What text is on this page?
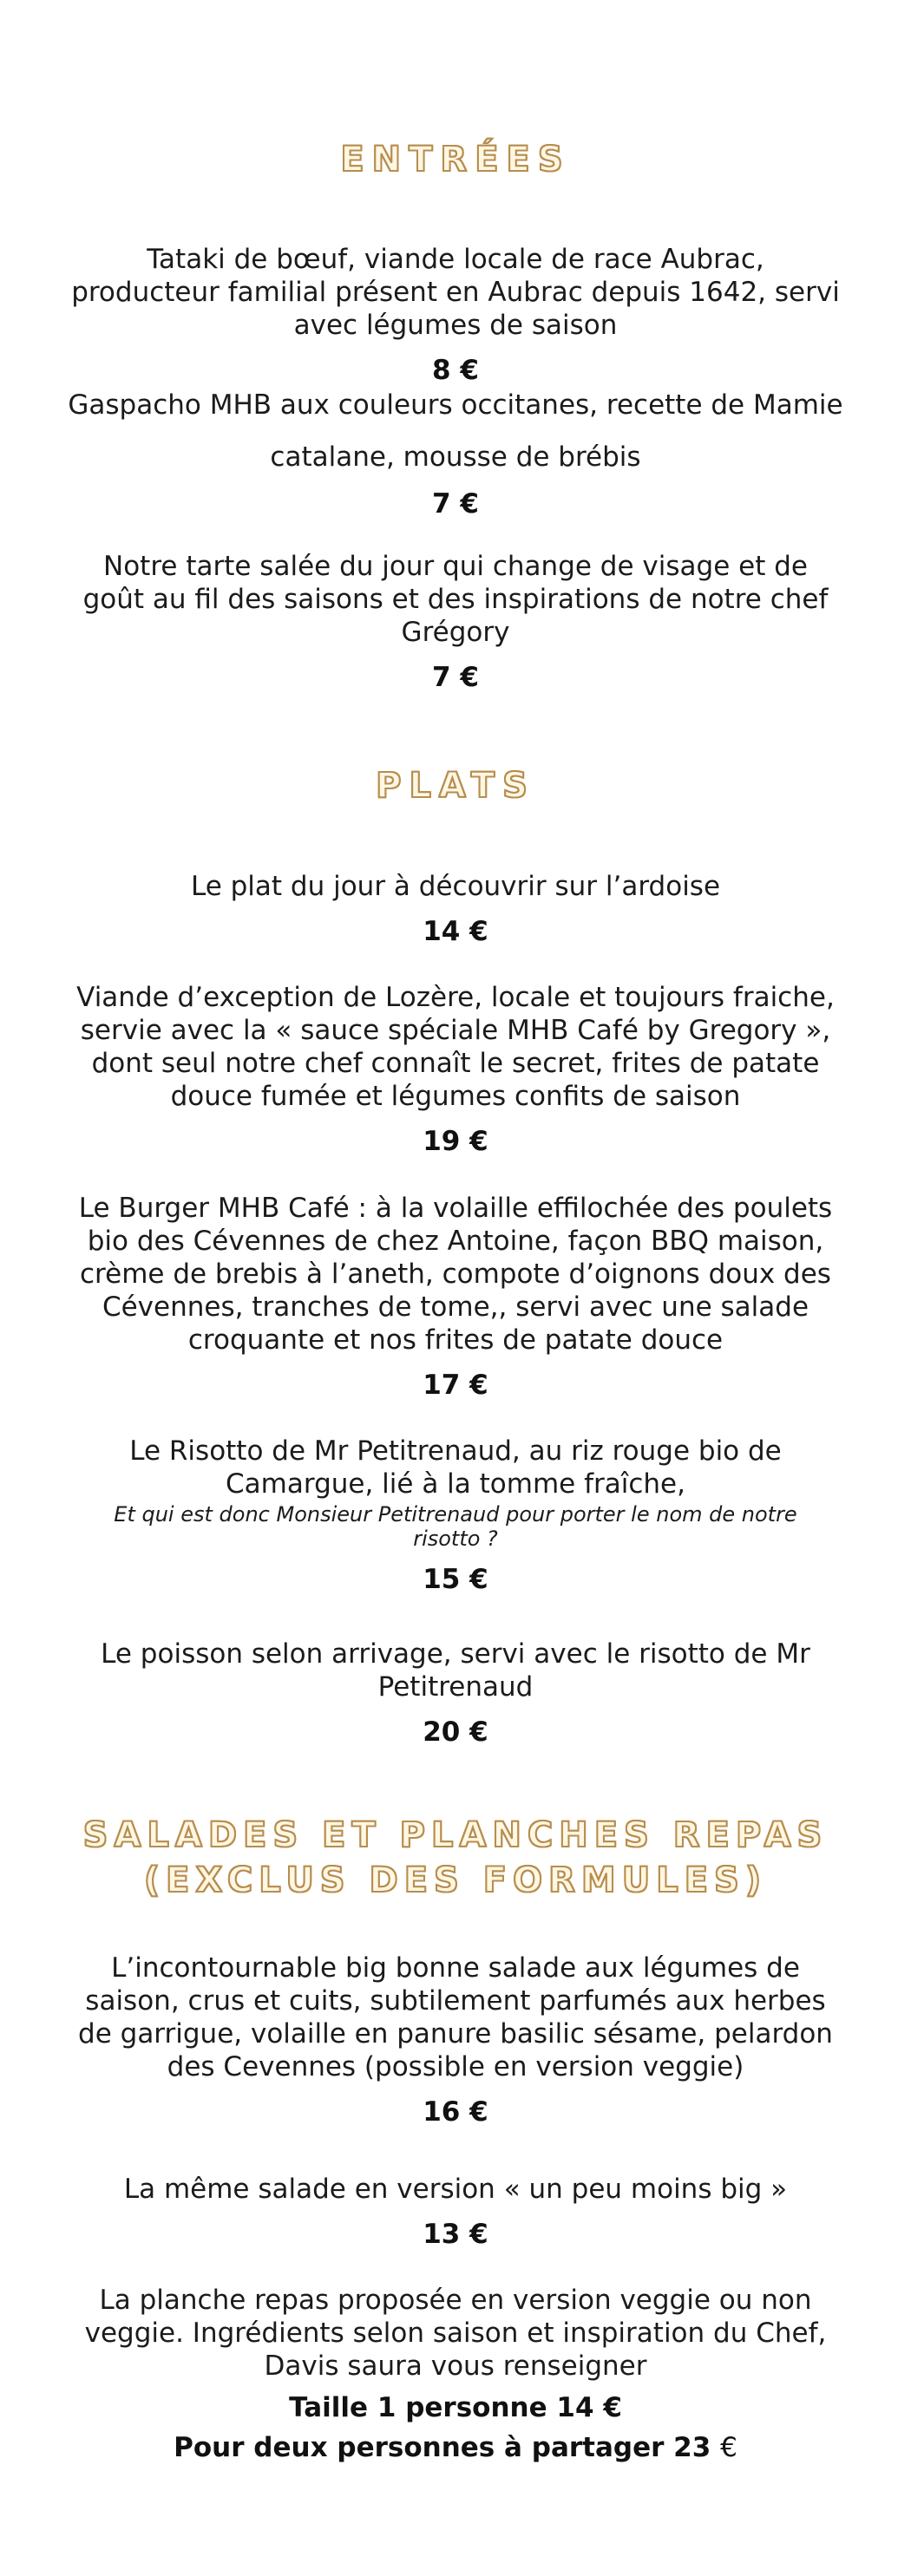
ENTRÉES

Tataki de bœuf, viande locale de race Aubrac, producteur familial présent en Aubrac depuis 1642, servi avec légumes de saison

8 €

Gaspacho MHB aux couleurs occitanes, recette de Mamie

catalane, mousse de brébis

7 €

Notre tarte salée du jour qui change de visage et de goût au fil des saisons et des inspirations de notre chef Grégory

7 €

PLATS

Le plat du jour à découvrir sur l’ardoise

14 €

Viande d’exception de Lozère, locale et toujours fraiche, servie avec la « sauce spéciale MHB Café by Gregory », dont seul notre chef connaît le secret, frites de patate douce fumée et légumes confits de saison

19 €

Le Burger MHB Café : à la volaille effilochée des poulets bio des Cévennes de chez Antoine, façon BBQ maison, crème de brebis à l’aneth, compote d’oignons doux des Cévennes, tranches de tome,, servi avec une salade croquante et nos frites de patate douce

17 €

Le Risotto de Mr Petitrenaud, au riz rouge bio de Camargue, lié à la tomme fraîche,

Et qui est donc Monsieur Petitrenaud pour porter le nom de notre risotto ?

15 €

Le poisson selon arrivage, servi avec le risotto de Mr Petitrenaud

20 €

SALADES ET PLANCHES REPAS
(EXCLUS DES FORMULES)

L’incontournable big bonne salade aux légumes de saison, crus et cuits, subtilement parfumés aux herbes de garrigue, volaille en panure basilic sésame, pelardon des Cevennes (possible en version veggie)

16 €

La même salade en version « un peu moins big »

13 €

La planche repas proposée en version veggie ou non veggie. Ingrédients selon saison et inspiration du Chef, Davis saura vous renseigner

Taille 1 personne 14 €

Pour deux personnes à partager 23 €
